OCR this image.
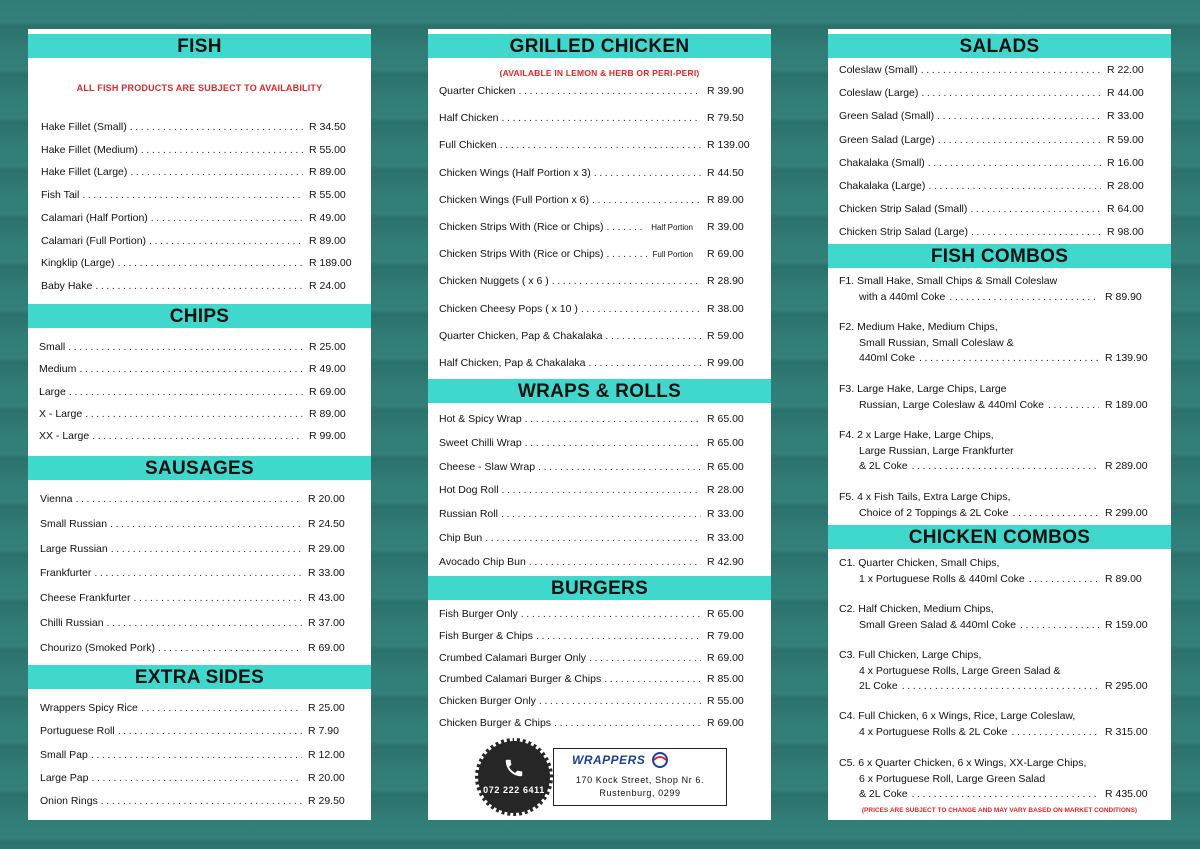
FISH
ALL FISH PRODUCTS ARE SUBJECT TO AVAILABILITY
Hake Fillet (Small) .....	R 34.50
Hake Fillet (Medium) .....	R 55.00
Hake Fillet (Large) .....	R 89.00
Fish Tail .....	R 55.00
Calamari (Half Portion) .....	R 49.00
Calamari (Full Portion) .....	R 89.00
Kingklip (Large) .....	R 189.00
Baby Hake .....	R 24.00
CHIPS
Small .....	R 25.00
Medium .....	R 49.00
Large .....	R 69.00
X - Large .....	R 89.00
XX - Large .....	R 99.00
SAUSAGES
Vienna .....	R 20.00
Small Russian .....	R 24.50
Large Russian .....	R 29.00
Frankfurter .....	R 33.00
Cheese Frankfurter .....	R 43.00
Chilli Russian .....	R 37.00
Chourizo (Smoked Pork) .....	R 69.00
EXTRA SIDES
Wrappers Spicy Rice .....	R 25.00
Portuguese Roll .....	R 7.90
Small Pap .....	R 12.00
Large Pap .....	R 20.00
Onion Rings .....	R 29.50
GRILLED CHICKEN
(AVAILABLE IN LEMON & HERB OR PERI-PERI)
Quarter Chicken .....	R 39.90
Half Chicken .....	R 79.50
Full Chicken .....	R 139.00
Chicken Wings (Half Portion x 3) .....	R 44.50
Chicken Wings (Full Portion x 6) .....	R 89.00
Chicken Strips With (Rice or Chips) .....	Half Portion R 39.00
Chicken Strips With (Rice or Chips) .....	Full Portion R 69.00
Chicken Nuggets ( x 6 ) .....	R 28.90
Chicken Cheesy Pops ( x 10 ) .....	R 38.00
Quarter Chicken, Pap & Chakalaka .....	R 59.00
Half Chicken, Pap & Chakalaka .....	R 99.00
WRAPS & ROLLS
Hot & Spicy Wrap .....	R 65.00
Sweet Chilli Wrap .....	R 65.00
Cheese - Slaw Wrap .....	R 65.00
Hot Dog Roll .....	R 28.00
Russian Roll .....	R 33.00
Chip Bun .....	R 33.00
Avocado Chip Bun .....	R 42.90
BURGERS
Fish Burger Only .....	R 65.00
Fish Burger & Chips .....	R 79.00
Crumbed Calamari Burger Only .....	R 69.00
Crumbed Calamari Burger & Chips .....	R 85.00
Chicken Burger Only .....	R 55.00
Chicken Burger & Chips .....	R 69.00
072 222 6411
WRAPPERS
170 Kock Street, Shop Nr 6.
Rustenburg, 0299
SALADS
Coleslaw (Small) .....	R 22.00
Coleslaw (Large) .....	R 44.00
Green Salad (Small) .....	R 33.00
Green Salad (Large) .....	R 59.00
Chakalaka (Small) .....	R 16.00
Chakalaka (Large) .....	R 28.00
Chicken Strip Salad (Small) .....	R 64.00
Chicken Strip Salad (Large) .....	R 98.00
FISH COMBOS
F1. Small Hake, Small Chips & Small Coleslaw
with a 440ml Coke .....	R 89.90
F2. Medium Hake, Medium Chips,
Small Russian, Small Coleslaw &
440ml Coke .....	R 139.90
F3. Large Hake, Large Chips, Large
Russian, Large Coleslaw & 440ml Coke .....	R 189.00
F4. 2 x Large Hake, Large Chips,
Large Russian, Large Frankfurter
& 2L Coke .....	R 289.00
F5. 4 x Fish Tails, Extra Large Chips,
Choice of 2 Toppings & 2L Coke .....	R 299.00
CHICKEN COMBOS
C1. Quarter Chicken, Small Chips,
1 x Portuguese Rolls & 440ml Coke .....	R 89.00
C2. Half Chicken, Medium Chips,
Small Green Salad & 440ml Coke .....	R 159.00
C3. Full Chicken, Large Chips,
4 x Portuguese Rolls, Large Green Salad &
2L Coke .....	R 295.00
C4. Full Chicken, 6 x Wings, Rice, Large Coleslaw,
4 x Portuguese Rolls & 2L Coke .....	R 315.00
C5. 6 x Quarter Chicken, 6 x Wings, XX-Large Chips,
6 x Portuguese Roll, Large Green Salad
& 2L Coke .....	R 435.00
(PRICES ARE SUBJECT TO CHANGE AND MAY VARY BASED ON MARKET CONDITIONS)
